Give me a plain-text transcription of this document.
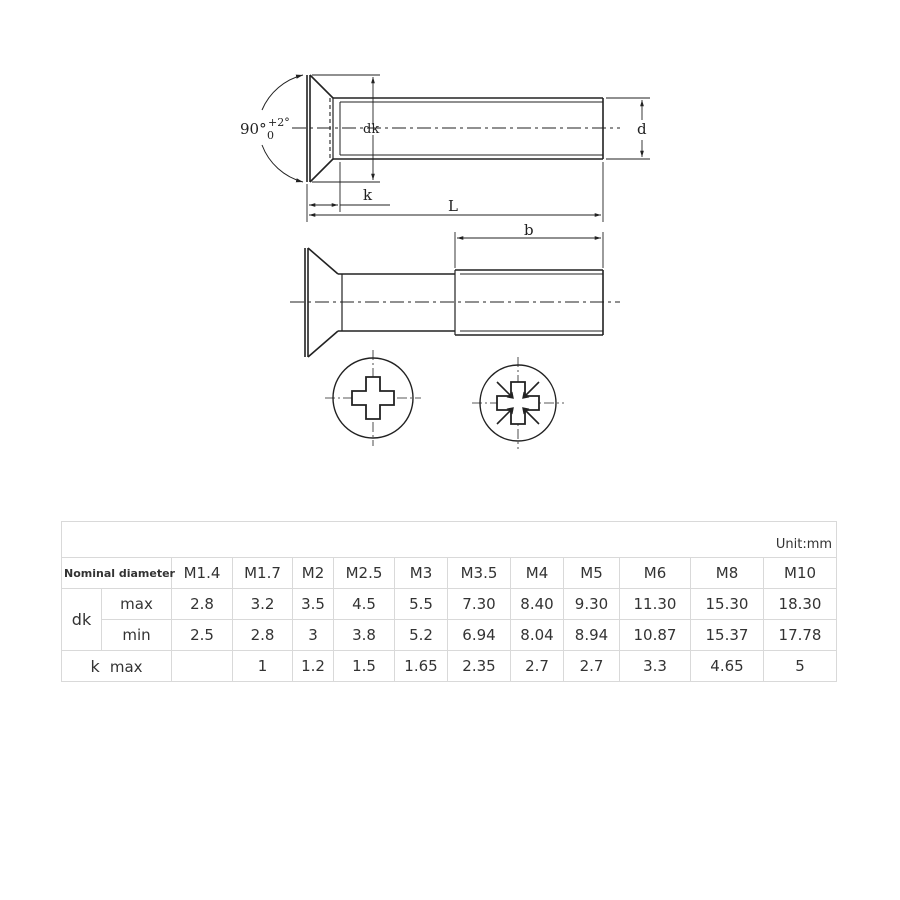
dk	d
90° +2°
0
k
L
b
Unit:mm												
Nominal diameter		M1.4	M1.7	M2	M2.5	M3	M3.5	M4	M5	M6	M8	M10
dk	max	2.8	3.2	3.5	4.5	5.5	7.30	8.40	9.30	11.30	15.30	18.30
	min	2.5	2.8	3	3.8	5.2	6.94	8.04	8.94	10.87	15.37	17.78
k max			1	1.2	1.5	1.65	2.35	2.7	2.7	3.3	4.65	5
